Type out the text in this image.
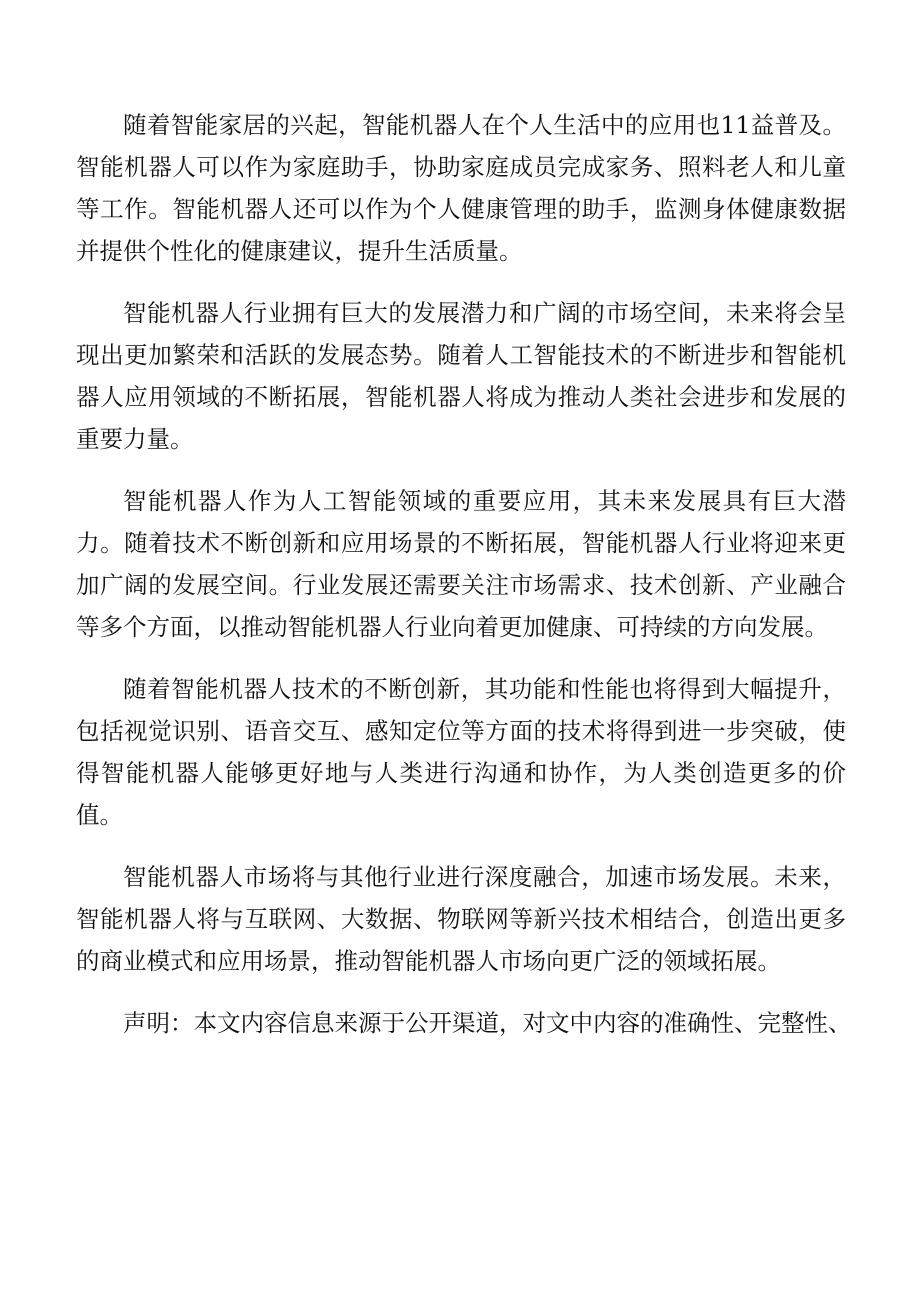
随着智能家居的兴起，智能机器人在个人生活中的应用也11益普及。智能机器人可以作为家庭助手，协助家庭成员完成家务、照料老人和儿童等工作。智能机器人还可以作为个人健康管理的助手，监测身体健康数据并提供个性化的健康建议，提升生活质量。

智能机器人行业拥有巨大的发展潜力和广阔的市场空间，未来将会呈现出更加繁荣和活跃的发展态势。随着人工智能技术的不断进步和智能机器人应用领域的不断拓展，智能机器人将成为推动人类社会进步和发展的重要力量。

智能机器人作为人工智能领域的重要应用，其未来发展具有巨大潜力。随着技术不断创新和应用场景的不断拓展，智能机器人行业将迎来更加广阔的发展空间。行业发展还需要关注市场需求、技术创新、产业融合等多个方面，以推动智能机器人行业向着更加健康、可持续的方向发展。

随着智能机器人技术的不断创新，其功能和性能也将得到大幅提升，包括视觉识别、语音交互、感知定位等方面的技术将得到进一步突破，使得智能机器人能够更好地与人类进行沟通和协作，为人类创造更多的价值。

智能机器人市场将与其他行业进行深度融合，加速市场发展。未来，智能机器人将与互联网、大数据、物联网等新兴技术相结合，创造出更多的商业模式和应用场景，推动智能机器人市场向更广泛的领域拓展。

声明：本文内容信息来源于公开渠道，对文中内容的准确性、完整性、
